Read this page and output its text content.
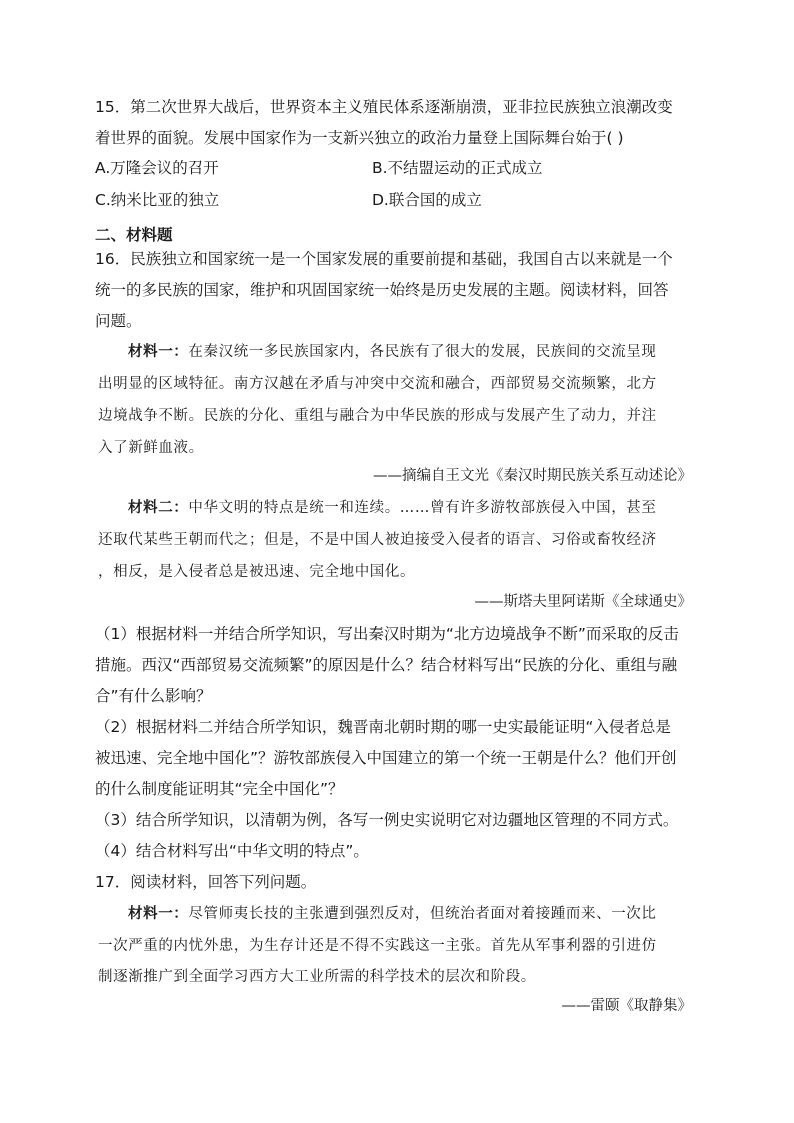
15．第二次世界大战后，世界资本主义殖民体系逐渐崩溃，亚非拉民族独立浪潮改变
着世界的面貌。发展中国家作为一支新兴独立的政治力量登上国际舞台始于( )
A.万隆会议的召开	B.不结盟运动的正式成立
C.纳米比亚的独立	D.联合国的成立
二、材料题
16．民族独立和国家统一是一个国家发展的重要前提和基础，我国自古以来就是一个
统一的多民族的国家，维护和巩固国家统一始终是历史发展的主题。阅读材料，回答
问题。
材料一：在秦汉统一多民族国家内，各民族有了很大的发展，民族间的交流呈现
出明显的区域特征。南方汉越在矛盾与冲突中交流和融合，西部贸易交流频繁，北方
边境战争不断。民族的分化、重组与融合为中华民族的形成与发展产生了动力，并注
入了新鲜血液。
——摘编自王文光《秦汉时期民族关系互动述论》
材料二：中华文明的特点是统一和连续。……曾有许多游牧部族侵入中国，甚至
还取代某些王朝而代之；但是，不是中国人被迫接受入侵者的语言、习俗或畜牧经济
，相反，是入侵者总是被迅速、完全地中国化。
——斯塔夫里阿诺斯《全球通史》
（1）根据材料一并结合所学知识，写出秦汉时期为“北方边境战争不断”而采取的反击
措施。西汉“西部贸易交流频繁”的原因是什么？结合材料写出“民族的分化、重组与融
合”有什么影响？
（2）根据材料二并结合所学知识，魏晋南北朝时期的哪一史实最能证明“入侵者总是
被迅速、完全地中国化”？游牧部族侵入中国建立的第一个统一王朝是什么？他们开创
的什么制度能证明其“完全中国化”？
（3）结合所学知识，以清朝为例，各写一例史实说明它对边疆地区管理的不同方式。
（4）结合材料写出“中华文明的特点”。
17．阅读材料，回答下列问题。
材料一：尽管师夷长技的主张遭到强烈反对，但统治者面对着接踵而来、一次比
一次严重的内忧外患，为生存计还是不得不实践这一主张。首先从军事利器的引进仿
制逐渐推广到全面学习西方大工业所需的科学技术的层次和阶段。
——雷颐《取静集》
